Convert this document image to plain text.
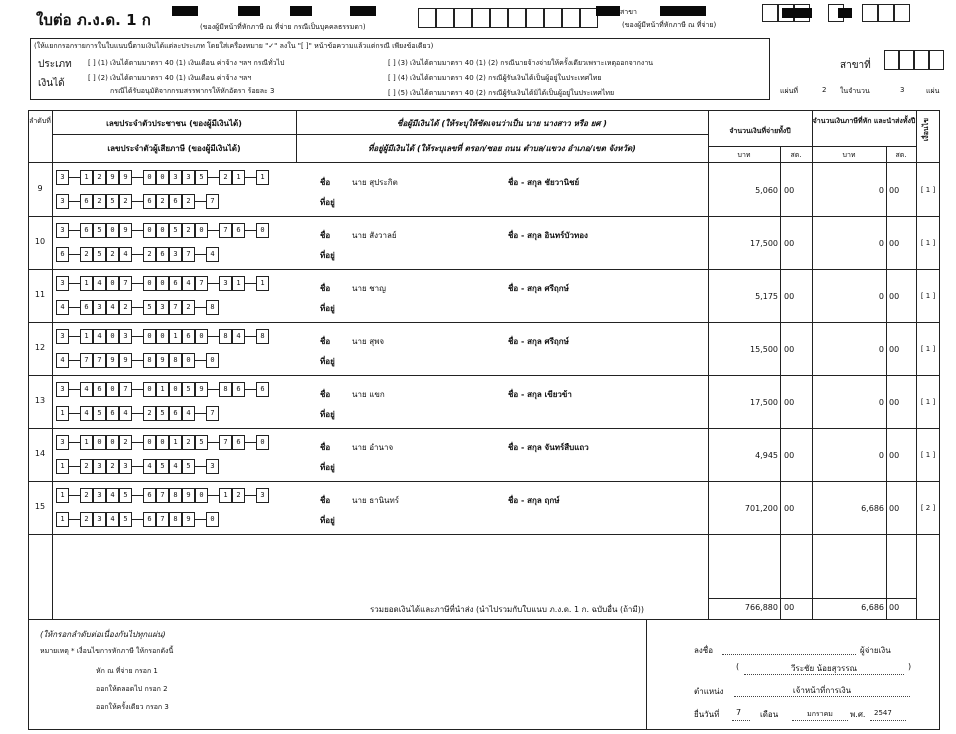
ใบต่อ ภ.ง.ด. 1 ก	(ของผู้มีหน้าที่หักภาษี ณ ที่จ่าย กรณีเป็นบุคคลธรรมดา)
สาขา
(ของผู้มีหน้าที่หักภาษี ณ ที่จ่าย)
(ให้แยกกรอกรายการในใบแนบนี้ตามเงินได้แต่ละประเภท โดยใส่เครื่องหมาย "✓" ลงใน "[ ]" หน้าข้อความแล้วแต่กรณี เพียงข้อเดียว)
ประเภท
เงินได้
[ ] (1) เงินได้ตามมาตรา 40 (1) เงินเดือน ค่าจ้าง ฯลฯ กรณีทั่วไป
[ ] (2) เงินได้ตามมาตรา 40 (1) เงินเดือน ค่าจ้าง ฯลฯ
กรณีได้รับอนุมัติจากกรมสรรพากรให้หักอัตรา ร้อยละ 3
[ ] (3) เงินได้ตามมาตรา 40 (1) (2) กรณีนายจ้างจ่ายให้ครั้งเดียวเพราะเหตุออกจากงาน
[ ] (4) เงินได้ตามมาตรา 40 (2) กรณีผู้รับเงินได้เป็นผู้อยู่ในประเทศไทย
[ ] (5) เงินได้ตามมาตรา 40 (2) กรณีผู้รับเงินได้มิได้เป็นผู้อยู่ในประเทศไทย
สาขาที่
แผ่นที่	2 ในจำนวน	3	แผ่น
ลำดับที่	เลขประจำตัวประชาชน (ของผู้มีเงินได้)
เลขประจำตัวผู้เสียภาษี (ของผู้มีเงินได้)
ชื่อผู้มีเงินได้ (ให้ระบุให้ชัดเจนว่าเป็น นาย นางสาว หรือ ยศ )
ที่อยู่ผู้มีเงินได้ (ให้ระบุเลขที่ ตรอก/ซอย ถนน ตำบล/แขวง อำเภอ/เขต จังหวัด)
จำนวนเงินที่จ่ายทั้งปี
จำนวนเงินภาษีที่หัก และนำส่งทั้งปี เงื่อนไข
บาท	สต.	บาท	สต.
9
3	1	2	9	9	0	0	3	3	5	2	1	1
3	6	2	5	2	6	2	6	2	7
ชื่อ	นาย สุประกิต	ชื่อ - สกุล ชัยวานิชย์
ที่อยู่
5,060 00	0 00	[ 1 ]
10
3	6	5	0	9	0	0	5	2	0	7	6	0
6	2	5	2	4	2	6	3	7	4
ชื่อ	นาย สังวาลย์	ชื่อ - สกุล อินทร์บัวทอง
ที่อยู่
17,500 00	0 00	[ 1 ]
11
3	1	4	0	7	0	0	6	4	7	3	1	1
4	6	3	4	2	5	3	7	2	8
ชื่อ	นาย ชาญ	ชื่อ - สกุล ศรีฤกษ์
ที่อยู่
5,175 00	0 00	[ 1 ]
12
3	1	4	0	3	0	0	1	6	0	8	4	8
4	7	7	9	9	8	9	8	0	0
ชื่อ	นาย สุพจ	ชื่อ - สกุล ศรีฤกษ์
ที่อยู่
15,500 00	0 00	[ 1 ]
13
3	4	6	0	7	0	1	0	5	9	8	6	6
1	4	5	6	4	2	5	6	4	7
ชื่อ	นาย แขก	ชื่อ - สกุล เขียวข้า
ที่อยู่
17,500 00	0 00	[ 1 ]
14
3	1	0	0	2	0	0	1	2	5	7	6	0
1	2	3	2	3	4	5	4	5	3
ชื่อ	นาย อำนาจ	ชื่อ - สกุล จันทร์สืบแถว
ที่อยู่
4,945 00	0 00	[ 1 ]
15
1	2	3	4	5	6	7	8	9	0	1	2	3
1	2	3	4	5	6	7	8	9	0
ชื่อ	นาย ธานินทร์	ชื่อ - สกุล ฤกษ์
ที่อยู่
701,200 00	6,686 00	[ 2 ]
รวมยอดเงินได้และภาษีที่นำส่ง (นำไปรวมกับใบแนบ ภ.ง.ด. 1 ก. ฉบับอื่น (ถ้ามี))	766,880 00	6,686 00
(ให้กรอกลำดับต่อเนื่องกันไปทุกแผ่น)
หมายเหตุ * เงื่อนไขการหักภาษี ให้กรอกดังนี้
หัก ณ ที่จ่าย กรอก 1
ออกให้ตลอดไป กรอก 2
ออกให้ครั้งเดียว กรอก 3
ลงชื่อ	ผู้จ่ายเงิน
(	วีระชัย น้อยสุวรรณ	)
ตำแหน่ง	เจ้าหน้าที่การเงิน
ยื่นวันที่ 7 เดือน	มกราคม	พ.ศ. 2547
